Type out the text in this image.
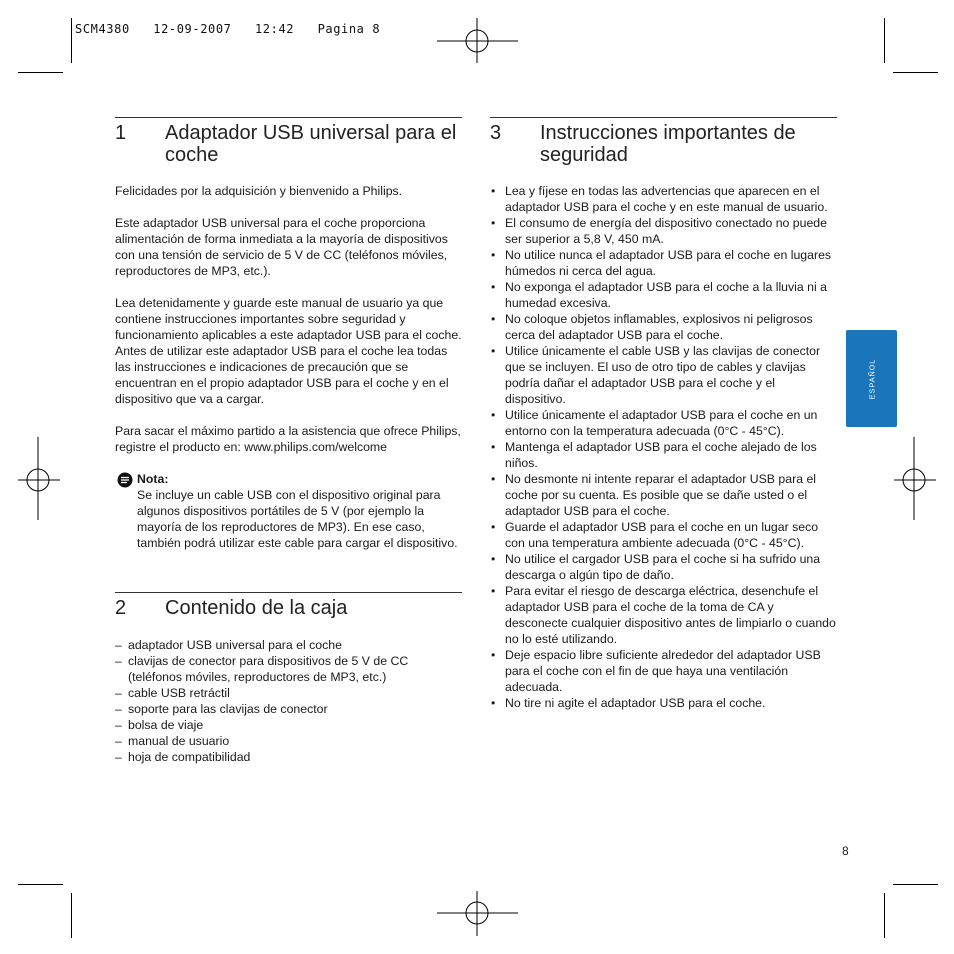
SCM4380   12-09-2007   12:42   Pagina 8
1	Adaptador USB universal para el coche

Felicidades por la adquisición y bienvenido a Philips.

Este adaptador USB universal para el coche proporciona alimentación de forma inmediata a la mayoría de dispositivos con una tensión de servicio de 5 V de CC (teléfonos móviles, reproductores de MP3, etc.).

Lea detenidamente y guarde este manual de usuario ya que contiene instrucciones importantes sobre seguridad y funcionamiento aplicables a este adaptador USB para el coche. Antes de utilizar este adaptador USB para el coche lea todas las instrucciones e indicaciones de precaución que se encuentran en el propio adaptador USB para el coche y en el dispositivo que va a cargar.

Para sacar el máximo partido a la asistencia que ofrece Philips, registre el producto en: www.philips.com/welcome

Nota:
Se incluye un cable USB con el dispositivo original para algunos dispositivos portátiles de 5 V (por ejemplo la mayoría de los reproductores de MP3). En ese caso, también podrá utilizar este cable para cargar el dispositivo.
2	Contenido de la caja
– adaptador USB universal para el coche
– clavijas de conector para dispositivos de 5 V de CC (teléfonos móviles, reproductores de MP3, etc.)
– cable USB retráctil
– soporte para las clavijas de conector
– bolsa de viaje
– manual de usuario
– hoja de compatibilidad
3	Instrucciones importantes de seguridad
• Lea y fíjese en todas las advertencias que aparecen en el adaptador USB para el coche y en este manual de usuario.
• El consumo de energía del dispositivo conectado no puede ser superior a 5,8 V, 450 mA.
• No utilice nunca el adaptador USB para el coche en lugares húmedos ni cerca del agua.
• No exponga el adaptador USB para el coche a la lluvia ni a humedad excesiva.
• No coloque objetos inflamables, explosivos ni peligrosos cerca del adaptador USB para el coche.
• Utilice únicamente el cable USB y las clavijas de conector que se incluyen. El uso de otro tipo de cables y clavijas podría dañar el adaptador USB para el coche y el dispositivo.
• Utilice únicamente el adaptador USB para el coche en un entorno con la temperatura adecuada (0°C - 45°C).
• Mantenga el adaptador USB para el coche alejado de los niños.
• No desmonte ni intente reparar el adaptador USB para el coche por su cuenta. Es posible que se dañe usted o el adaptador USB para el coche.
• Guarde el adaptador USB para el coche en un lugar seco con una temperatura ambiente adecuada (0°C - 45°C).
• No utilice el cargador USB para el coche si ha sufrido una descarga o algún tipo de daño.
• Para evitar el riesgo de descarga eléctrica, desenchufe el adaptador USB para el coche de la toma de CA y desconecte cualquier dispositivo antes de limpiarlo o cuando no lo esté utilizando.
• Deje espacio libre suficiente alrededor del adaptador USB para el coche con el fin de que haya una ventilación adecuada.
• No tire ni agite el adaptador USB para el coche.
ESPAÑOL
8
